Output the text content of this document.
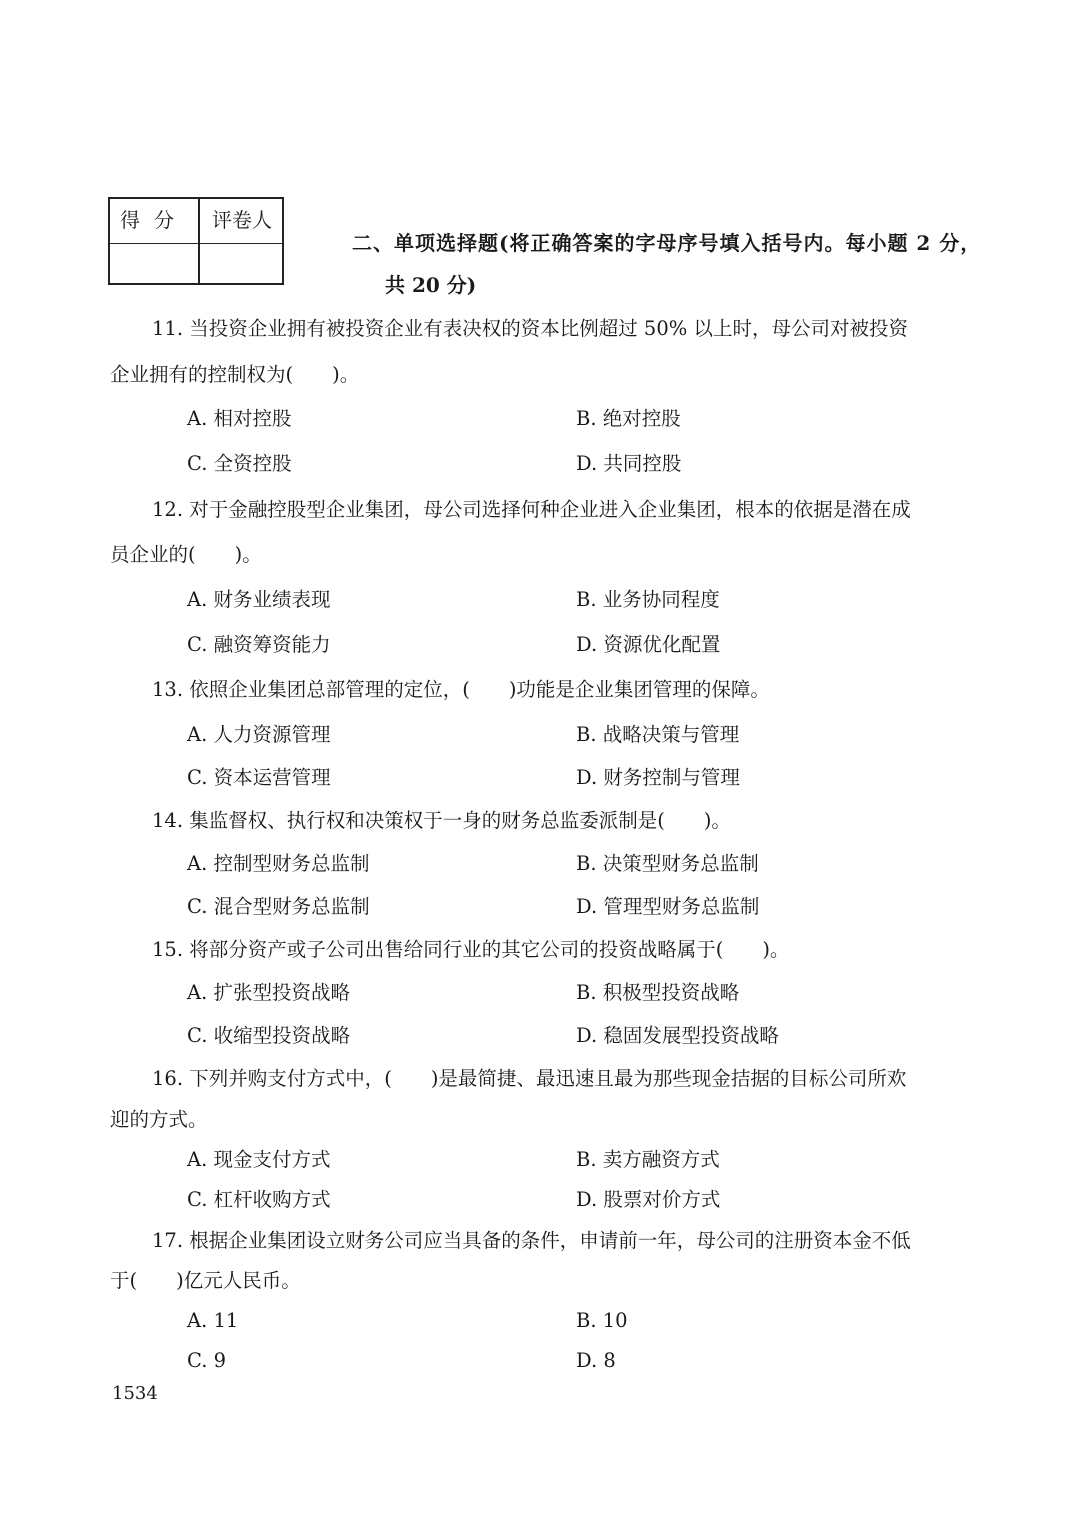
得分	评卷人
二、单项选择题(将正确答案的字母序号填入括号内。每小题 2 分，
共 20 分)
11. 当投资企业拥有被投资企业有表决权的资本比例超过 50% 以上时，母公司对被投资
企业拥有的控制权为(　　)。
A. 相对控股	B. 绝对控股
C. 全资控股	D. 共同控股
12. 对于金融控股型企业集团，母公司选择何种企业进入企业集团，根本的依据是潜在成
员企业的(　　)。
A. 财务业绩表现	B. 业务协同程度
C. 融资筹资能力	D. 资源优化配置
13. 依照企业集团总部管理的定位，(　　)功能是企业集团管理的保障。
A. 人力资源管理	B. 战略决策与管理
C. 资本运营管理	D. 财务控制与管理
14. 集监督权、执行权和决策权于一身的财务总监委派制是(　　)。
A. 控制型财务总监制	B. 决策型财务总监制
C. 混合型财务总监制	D. 管理型财务总监制
15. 将部分资产或子公司出售给同行业的其它公司的投资战略属于(　　)。
A. 扩张型投资战略	B. 积极型投资战略
C. 收缩型投资战略	D. 稳固发展型投资战略
16. 下列并购支付方式中，(　　)是最简捷、最迅速且最为那些现金拮据的目标公司所欢
迎的方式。
A. 现金支付方式	B. 卖方融资方式
C. 杠杆收购方式	D. 股票对价方式
17. 根据企业集团设立财务公司应当具备的条件，申请前一年，母公司的注册资本金不低
于(　　)亿元人民币。
A. 11	B. 10
C. 9	D. 8
1534
